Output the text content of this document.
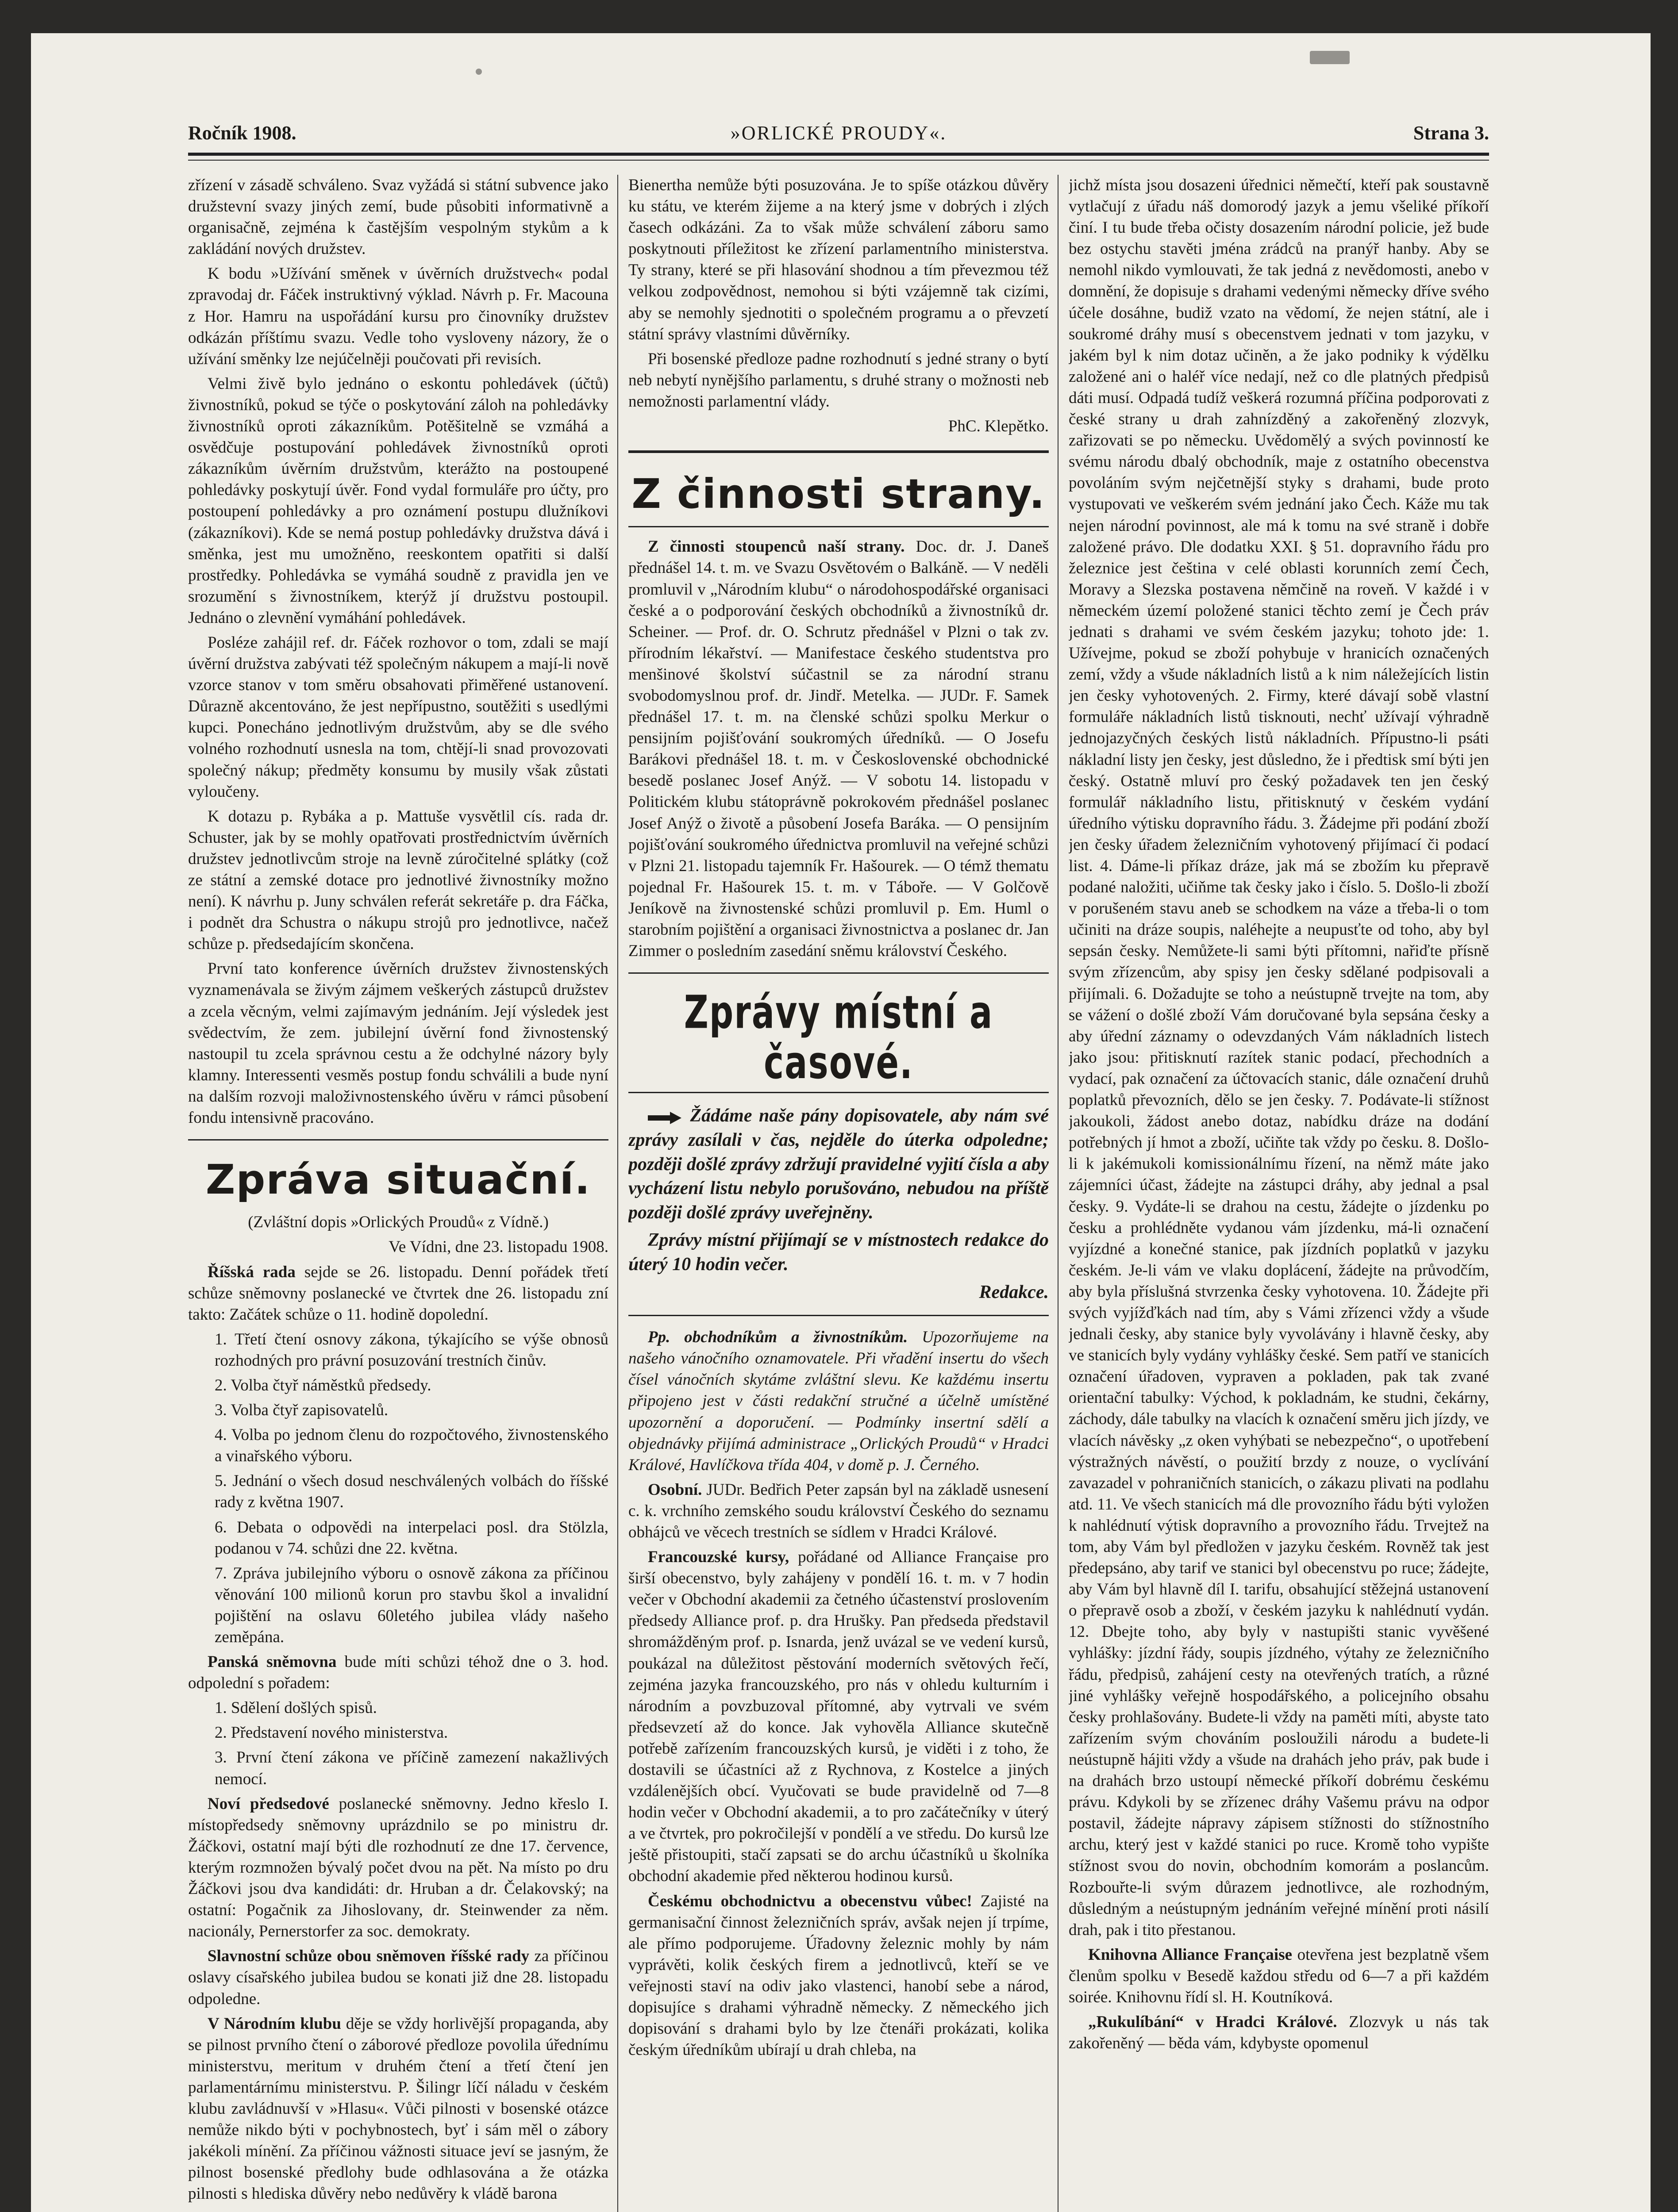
Ročník 1908.	»ORLICKÉ PROUDY«.	Strana 3.

zřízení v zásadě schváleno. Svaz vyžádá si státní subvence jako družstevní svazy jiných zemí, bude působiti informativně a organisačně, zejména k častějším vespolným stykům a k zakládání nových družstev.

K bodu »Užívání směnek v úvěrních družstvech« podal zpravodaj dr. Fáček instruktivný výklad. Návrh p. Fr. Macouna z Hor. Hamru na uspořádání kursu pro činovníky družstev odkázán příštímu svazu. Vedle toho vysloveny názory, že o užívání směnky lze nejúčelněji poučovati při revisích.

Velmi živě bylo jednáno o eskontu pohledávek (účtů) živnostníků, pokud se týče o poskytování záloh na pohledávky živnostníků oproti zákazníkům. Potěšitelně se vzmáhá a osvědčuje postupování pohledávek živnostníků oproti zákazníkům úvěrním družstvům, kterážto na postoupené pohledávky poskytují úvěr. Fond vydal formuláře pro účty, pro postoupení pohledávky a pro oznámení postupu dlužníkovi (zákazníkovi). Kde se nemá postup pohledávky družstva dává i směnka, jest mu umožněno, reeskontem opatřiti si další prostředky. Pohledávka se vymáhá soudně z pravidla jen ve srozumění s živnostníkem, kterýž jí družstvu postoupil. Jednáno o zlevnění vymáhání pohledávek.

Posléze zahájil ref. dr. Fáček rozhovor o tom, zdali se mají úvěrní družstva zabývati též společným nákupem a mají-li nově vzorce stanov v tom směru obsahovati přiměřené ustanovení. Důrazně akcentováno, že jest nepřípustno, soutěžiti s usedlými kupci. Ponecháno jednotlivým družstvům, aby se dle svého volného rozhodnutí usnesla na tom, chtějí-li snad provozovati společný nákup; předměty konsumu by musily však zůstati vyloučeny.

K dotazu p. Rybáka a p. Mattuše vysvětlil cís. rada dr. Schuster, jak by se mohly opatřovati prostřednictvím úvěrních družstev jednotlivcům stroje na levně zúročitelné splátky (což ze státní a zemské dotace pro jednotlivé živnostníky možno není). K návrhu p. Juny schválen referát sekretáře p. dra Fáčka, i podnět dra Schustra o nákupu strojů pro jednotlivce, načež schůze p. předsedajícím skončena.

První tato konference úvěrních družstev živnostenských vyznamenávala se živým zájmem veškerých zástupců družstev a zcela věcným, velmi zajímavým jednáním. Její výsledek jest svědectvím, že zem. jubilejní úvěrní fond živnostenský nastoupil tu zcela správnou cestu a že odchylné názory byly klamny. Interessenti vesměs postup fondu schválili a bude nyní na dalším rozvoji maloživnostenského úvěru v rámci působení fondu intensivně pracováno.

Zpráva situační.

(Zvláštní dopis »Orlických Proudů« z Vídně.)

Ve Vídni, dne 23. listopadu 1908.

Říšská rada sejde se 26. listopadu. Denní pořádek třetí schůze sněmovny poslanecké ve čtvrtek dne 26. listopadu zní takto: Začátek schůze o 11. hodině dopolední.

1. Třetí čtení osnovy zákona, týkajícího se výše obnosů rozhodných pro právní posuzování trestních činův.

2. Volba čtyř náměstků předsedy.

3. Volba čtyř zapisovatelů.

4. Volba po jednom členu do rozpočtového, živnostenského a vinařského výboru.

5. Jednání o všech dosud neschválených volbách do říšské rady z května 1907.

6. Debata o odpovědi na interpelaci posl. dra Stölzla, podanou v 74. schůzi dne 22. května.

7. Zpráva jubilejního výboru o osnově zákona za příčinou věnování 100 milionů korun pro stavbu škol a invalidní pojištění na oslavu 60letého jubilea vlády našeho zeměpána.

Panská sněmovna bude míti schůzi téhož dne o 3. hod. odpolední s pořadem:

1. Sdělení došlých spisů.

2. Představení nového ministerstva.

3. První čtení zákona ve příčině zamezení nakažlivých nemocí.

Noví předsedové poslanecké sněmovny. Jedno křeslo I. místopředsedy sněmovny uprázdnilo se po ministru dr. Žáčkovi, ostatní mají býti dle rozhodnutí ze dne 17. července, kterým rozmnožen bývalý počet dvou na pět. Na místo po dru Žáčkovi jsou dva kandidáti: dr. Hruban a dr. Čelakovský; na ostatní: Pogačnik za Jihoslovany, dr. Steinwender za něm. nacionály, Pernerstorfer za soc. demokraty.

Slavnostní schůze obou sněmoven říšské rady za příčinou oslavy císařského jubilea budou se konati již dne 28. listopadu odpoledne.

V Národním klubu děje se vždy horlivější propaganda, aby se pilnost prvního čtení o záborové předloze povolila úřednímu ministerstvu, meritum v druhém čtení a třetí čtení jen parlamentárnímu ministerstvu. P. Šilingr líčí náladu v českém klubu zavládnuvší v »Hlasu«. Vůči pilnosti v bosenské otázce nemůže nikdo býti v pochybnostech, byť i sám měl o zábory jakékoli mínění. Za příčinou vážnosti situace jeví se jasným, že pilnost bosenské předlohy bude odhlasována a že otázka pilnosti s hlediska důvěry nebo nedůvěry k vládě barona

Bienertha nemůže býti posuzována. Je to spíše otázkou důvěry ku státu, ve kterém žijeme a na který jsme v dobrých i zlých časech odkázáni. Za to však může schválení záboru samo poskytnouti příležitost ke zřízení parlamentního ministerstva. Ty strany, které se při hlasování shodnou a tím převezmou též velkou zodpovědnost, nemohou si býti vzájemně tak cizími, aby se nemohly sjednotiti o společném programu a o převzetí státní správy vlastními důvěrníky.

Při bosenské předloze padne rozhodnutí s jedné strany o bytí neb nebytí nynějšího parlamentu, s druhé strany o možnosti neb nemožnosti parlamentní vlády.

PhC. Klepětko.

Z činnosti strany.

Z činnosti stoupenců naší strany. Doc. dr. J. Daneš přednášel 14. t. m. ve Svazu Osvětovém o Balkáně. — V neděli promluvil v „Národním klubu“ o národohospodářské organisaci české a o podporování českých obchodníků a živnostníků dr. Scheiner. — Prof. dr. O. Schrutz přednášel v Plzni o tak zv. přírodním lékařství. — Manifestace českého studentstva pro menšinové školství súčastnil se za národní stranu svobodomyslnou prof. dr. Jindř. Metelka. — JUDr. F. Samek přednášel 17. t. m. na členské schůzi spolku Merkur o pensijním pojišťování soukromých úředníků. — O Josefu Barákovi přednášel 18. t. m. v Československé obchodnické besedě poslanec Josef Anýž. — V sobotu 14. listopadu v Politickém klubu státoprávně pokrokovém přednášel poslanec Josef Anýž o životě a působení Josefa Baráka. — O pensijním pojišťování soukromého úřednictva promluvil na veřejné schůzi v Plzni 21. listopadu tajemník Fr. Hašourek. — O témž thematu pojednal Fr. Hašourek 15. t. m. v Táboře. — V Golčově Jeníkově na živnostenské schůzi promluvil p. Em. Huml o starobním pojištění a organisaci živnostnictva a poslanec dr. Jan Zimmer o posledním zasedání sněmu království Českého.

Zprávy místní a časové.

Žádáme naše pány dopisovatele, aby nám své zprávy zasílali v čas, nejděle do úterka odpoledne; později došlé zprávy zdržují pravidelné vyjití čísla a aby vycházení listu nebylo porušováno, nebudou na příště později došlé zprávy uveřejněny.

Zprávy místní přijímají se v místnostech redakce do úterý 10 hodin večer.

Redakce.

Pp. obchodníkům a živnostníkům. Upozorňujeme na našeho vánočního oznamovatele. Při vřadění insertu do všech čísel vánočních skytáme zvláštní slevu. Ke každému insertu připojeno jest v části redakční stručné a účelně umístěné upozornění a doporučení. — Podmínky insertní sdělí a objednávky přijímá administrace „Orlických Proudů“ v Hradci Králové, Havlíčkova třída 404, v domě p. J. Černého.

Osobní. JUDr. Bedřich Peter zapsán byl na základě usnesení c. k. vrchního zemského soudu království Českého do seznamu obhájců ve věcech trestních se sídlem v Hradci Králové.

Francouzské kursy, pořádané od Alliance Française pro širší obecenstvo, byly zahájeny v pondělí 16. t. m. v 7 hodin večer v Obchodní akademii za četného účastenství proslovením předsedy Alliance prof. p. dra Hrušky. Pan předseda představil shromážděným prof. p. Isnarda, jenž uvázal se ve vedení kursů, poukázal na důležitost pěstování moderních světových řečí, zejména jazyka francouzského, pro nás v ohledu kulturním i národním a povzbuzoval přítomné, aby vytrvali ve svém předsevzetí až do konce. Jak vyhověla Alliance skutečně potřebě zařízením francouzských kursů, je viděti i z toho, že dostavili se účastníci až z Rychnova, z Kostelce a jiných vzdálenějších obcí. Vyučovati se bude pravidelně od 7—8 hodin večer v Obchodní akademii, a to pro začátečníky v úterý a ve čtvrtek, pro pokročilejší v pondělí a ve středu. Do kursů lze ještě přistoupiti, stačí zapsati se do archu účastníků u školníka obchodní akademie před některou hodinou kursů.

Českému obchodnictvu a obecenstvu vůbec! Zajisté na germanisační činnost železničních správ, avšak nejen jí trpíme, ale přímo podporujeme. Úřadovny železnic mohly by nám vyprávěti, kolik českých firem a jednotlivců, kteří se ve veřejnosti staví na odiv jako vlastenci, hanobí sebe a národ, dopisujíce s drahami výhradně německy. Z německého jich dopisování s drahami bylo by lze čtenáři prokázati, kolika českým úředníkům ubírají u drah chleba, na

jichž místa jsou dosazeni úřednici němečtí, kteří pak soustavně vytlačují z úřadu náš domorodý jazyk a jemu všeliké příkoří činí. I tu bude třeba očisty dosazením národní policie, jež bude bez ostychu stavěti jména zrádců na pranýř hanby. Aby se nemohl nikdo vymlouvati, že tak jedná z nevědomosti, anebo v domnění, že dopisuje s drahami vedenými německy dříve svého účele dosáhne, budiž vzato na vědomí, že nejen státní, ale i soukromé dráhy musí s obecenstvem jednati v tom jazyku, v jakém byl k nim dotaz učiněn, a že jako podniky k výdělku založené ani o haléř více nedají, než co dle platných předpisů dáti musí. Odpadá tudíž veškerá rozumná příčina podporovati z české strany u drah zahnízděný a zakořeněný zlozvyk, zařizovati se po německu. Uvědomělý a svých povinností ke svému národu dbalý obchodník, maje z ostatního obecenstva povoláním svým nejčetnější styky s drahami, bude proto vystupovati ve veškerém svém jednání jako Čech. Káže mu tak nejen národní povinnost, ale má k tomu na své straně i dobře založené právo. Dle dodatku XXI. § 51. dopravního řádu pro železnice jest čeština v celé oblasti korunních zemí Čech, Moravy a Slezska postavena němčině na roveň. V každé i v německém území položené stanici těchto zemí je Čech práv jednati s drahami ve svém českém jazyku; tohoto jde: 1. Užívejme, pokud se zboží pohybuje v hranicích označených zemí, vždy a všude nákladních listů a k nim náležejících listin jen česky vyhotovených. 2. Firmy, které dávají sobě vlastní formuláře nákladních listů tisknouti, nechť užívají výhradně jednojazyčných českých listů nákladních. Přípustno-li psáti nákladní listy jen česky, jest důsledno, že i předtisk smí býti jen český. Ostatně mluví pro český požadavek ten jen český formulář nákladního listu, přitisknutý v českém vydání úředního výtisku dopravního řádu. 3. Žádejme při podání zboží jen česky úřadem železničním vyhotovený přijímací či podací list. 4. Dáme-li příkaz dráze, jak má se zbožím ku přepravě podané naložiti, učiňme tak česky jako i číslo. 5. Došlo-li zboží v porušeném stavu aneb se schodkem na váze a třeba-li o tom učiniti na dráze soupis, naléhejte a neupusťte od toho, aby byl sepsán česky. Nemůžete-li sami býti přítomni, nařiďte přísně svým zřízencům, aby spisy jen česky sdělané podpisovali a přijímali. 6. Dožadujte se toho a neústupně trvejte na tom, aby se vážení o došlé zboží Vám doručované byla sepsána česky a aby úřední záznamy o odevzdaných Vám nákladních listech jako jsou: přitisknutí razítek stanic podací, přechodních a vydací, pak označení za účtovacích stanic, dále označení druhů poplatků převozních, dělo se jen česky. 7. Podávate-li stížnost jakoukoli, žádost anebo dotaz, nabídku dráze na dodání potřebných jí hmot a zboží, učiňte tak vždy po česku. 8. Došlo-li k jakémukoli komissionálnímu řízení, na němž máte jako zájemníci účast, žádejte na zástupci dráhy, aby jednal a psal česky. 9. Vydáte-li se drahou na cestu, žádejte o jízdenku po česku a prohlédněte vydanou vám jízdenku, má-li označení vyjízdné a konečné stanice, pak jízdních poplatků v jazyku českém. Je-li vám ve vlaku doplácení, žádejte na průvodčím, aby byla příslušná stvrzenka česky vyhotovena. 10. Žádejte při svých vyjížďkách nad tím, aby s Vámi zřízenci vždy a všude jednali česky, aby stanice byly vyvolávány i hlavně česky, aby ve stanicích byly vydány vyhlášky české. Sem patří ve stanicích označení úřadoven, vypraven a pokladen, pak tak zvané orientační tabulky: Východ, k pokladnám, ke studni, čekárny, záchody, dále tabulky na vlacích k označení směru jich jízdy, ve vlacích návěsky „z oken vyhýbati se nebezpečno“, o upotřebení výstražných návěstí, o použití brzdy z nouze, o vyclívání zavazadel v pohraničních stanicích, o zákazu plivati na podlahu atd. 11. Ve všech stanicích má dle provozního řádu býti vyložen k nahlédnutí výtisk dopravního a provozního řádu. Trvejtež na tom, aby Vám byl předložen v jazyku českém. Rovněž tak jest předepsáno, aby tarif ve stanici byl obecenstvu po ruce; žádejte, aby Vám byl hlavně díl I. tarifu, obsahující stěžejná ustanovení o přepravě osob a zboží, v českém jazyku k nahlédnutí vydán. 12. Dbejte toho, aby byly v nastupišti stanic vyvěšené vyhlášky: jízdní řády, soupis jízdného, výtahy ze železničního řádu, předpisů, zahájení cesty na otevřených tratích, a různé jiné vyhlášky veřejně hospodářského, a policejního obsahu česky prohlašovány. Budete-li vždy na paměti míti, abyste tato zařízením svým chováním posloužili národu a budete-li neústupně hájiti vždy a všude na drahách jeho práv, pak bude i na drahách brzo ustoupí německé příkoří dobrému českému právu. Kdykoli by se zřízenec dráhy Vašemu právu na odpor postavil, žádejte nápravy zápisem stížnosti do stížnostního archu, který jest v každé stanici po ruce. Kromě toho vypište stížnost svou do novin, obchodním komorám a poslancům. Rozbouřte-li svým důrazem jednotlivce, ale rozhodným, důsledným a neústupným jednáním veřejné mínění proti násilí drah, pak i tito přestanou.

Knihovna Alliance Française otevřena jest bezplatně všem členům spolku v Besedě každou středu od 6—7 a při každém soirée. Knihovnu řídí sl. H. Koutníková.

„Rukulíbání“ v Hradci Králové. Zlozvyk u nás tak zakořeněný — běda vám, kdybyste opomenul
